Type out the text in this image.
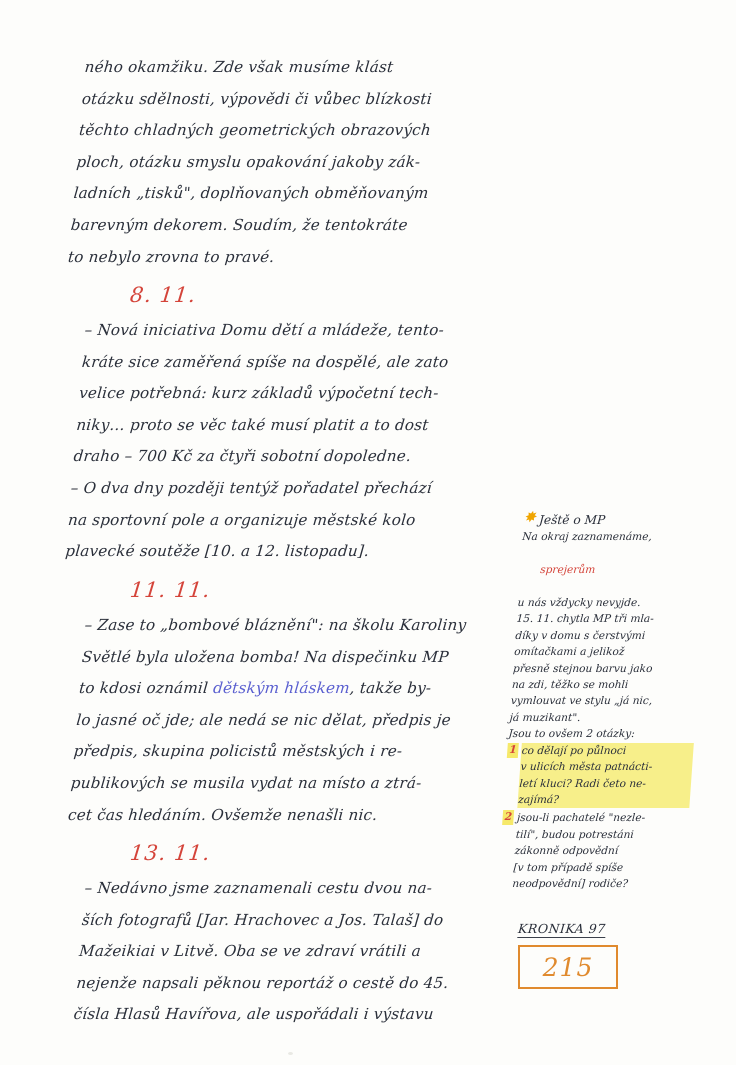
ného okamžiku. Zde však musíme klást
otázku sdělnosti, výpovědi či vůbec blízkosti
těchto chladných geometrických obrazových
ploch, otázku smyslu opakování jakoby zák-
ladních „tisků", doplňovaných obměňovaným
barevným dekorem. Soudím, že tentokráte
to nebylo zrovna to pravé.
8. 11.
– Nová iniciativa Domu dětí a mládeže, tento-
kráte sice zaměřená spíše na dospělé, ale zato
velice potřebná: kurz základů výpočetní tech-
niky… proto se věc také musí platit a to dost
draho – 700 Kč za čtyři sobotní dopoledne.
– O dva dny později tentýž pořadatel přechází
na sportovní pole a organizuje městské kolo
plavecké soutěže [10. a 12. listopadu].
11. 11.
– Zase to „bombové bláznění": na školu Karoliny
Světlé byla uložena bomba! Na dispečinku MP
to kdosi oznámil dětským hláskem, takže by-
lo jasné oč jde; ale nedá se nic dělat, předpis je
předpis, skupina policistů městských i re-
publikových se musila vydat na místo a ztrá-
cet čas hledáním. Ovšemže nenašli nic.
13. 11.
– Nedávno jsme zaznamenali cestu dvou na-
ších fotografů [Jar. Hrachovec a Jos. Talaš] do
Mažeikiai v Litvě. Oba se ve zdraví vrátili a
nejenže napsali pěknou reportáž o cestě do 45.
čísla Hlasů Havířova, ale uspořádali i výstavu
✸ Ještě o MP
Na okraj zaznamenáme,

sprejerům

u nás vždycky nevyjde.
15. 11. chytla MP tři mla-
díky v domu s čerstvými
omítačkami a jelikož
přesně stejnou barvu jako
na zdi, těžko se mohli
vymlouvat ve stylu „já nic,
já muzikant".
Jsou to ovšem 2 otázky:
1 co dělají po půlnoci
v ulicích města patnácti-
letí kluci? Radi četo ne-
zajímá?
2 jsou-li pachatelé "nezle-
tilí", budou potrestáni
zákonně odpovědní
[v tom případě spíše
neodpovědní] rodiče?
KRONIKA 97
215
